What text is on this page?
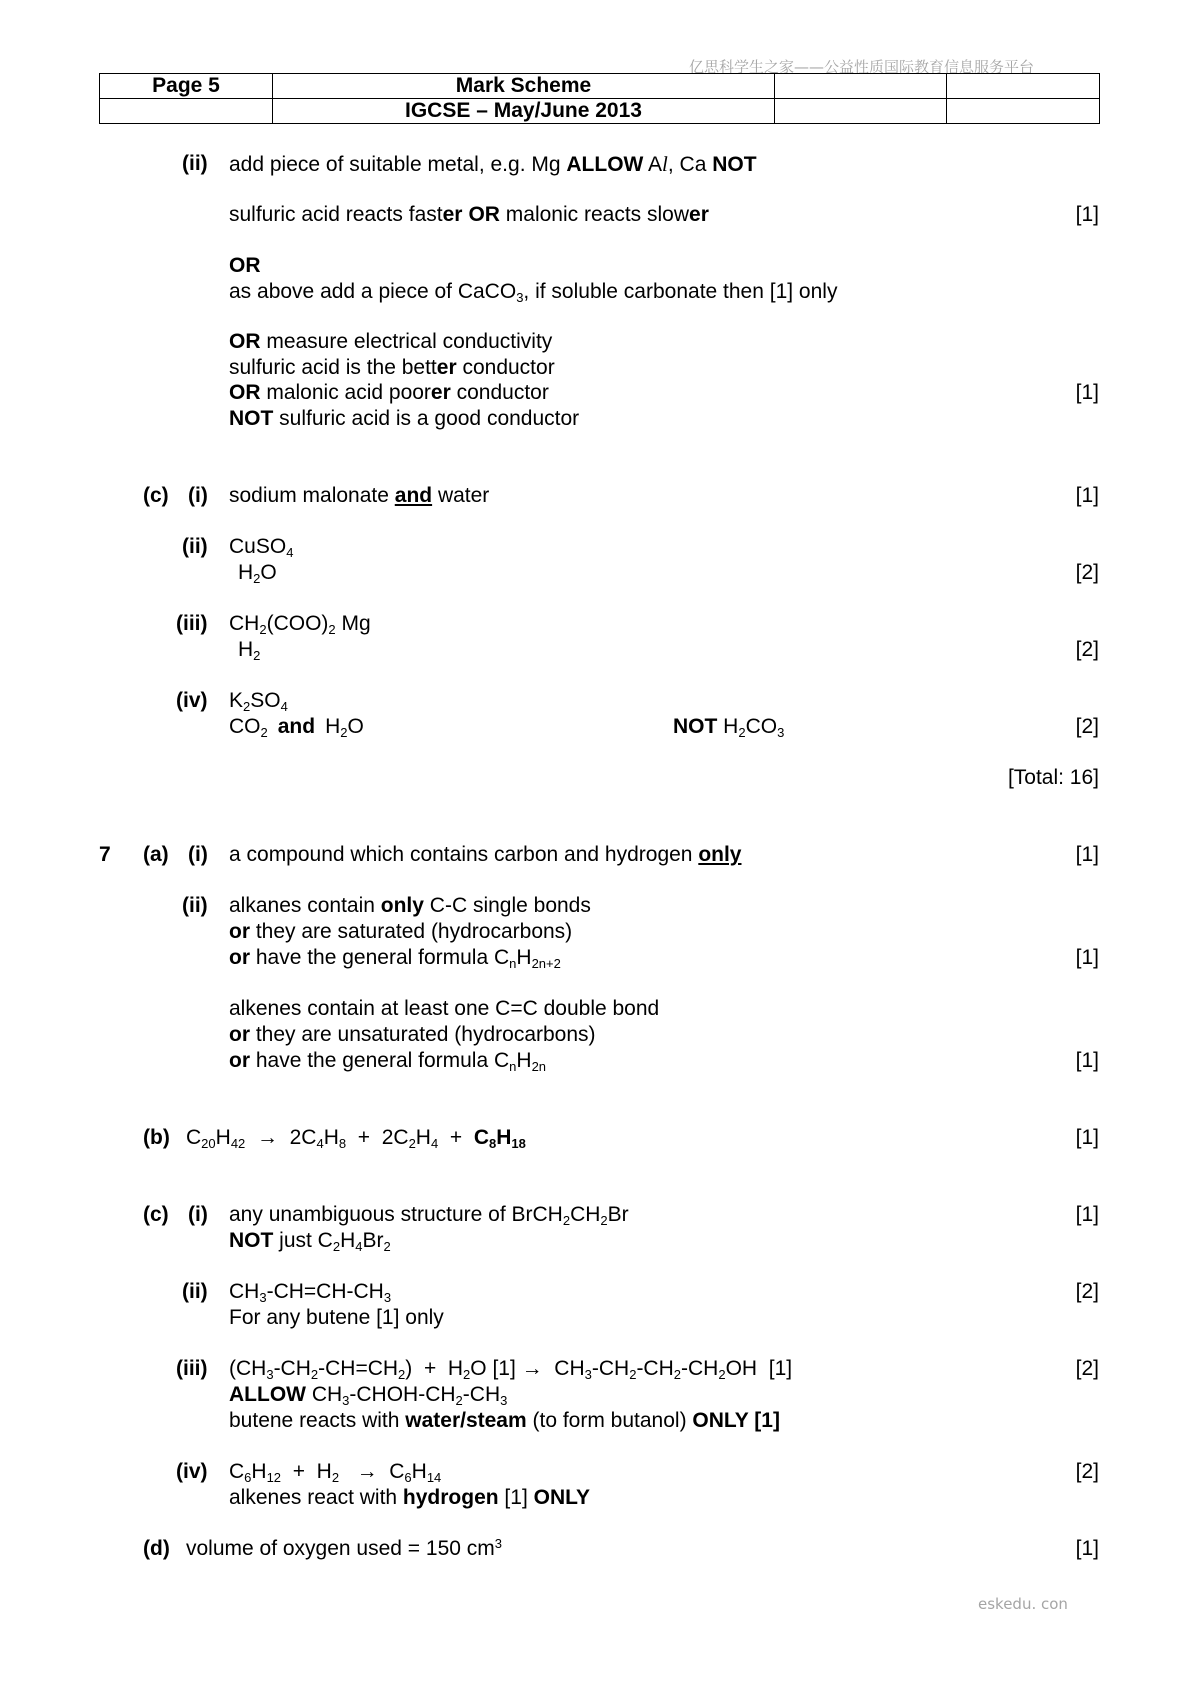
亿思科学生之家——公益性质国际教育信息服务平台
eskedu. con
Page 5	Mark Scheme		
	IGCSE – May/June 2013		
(ii) add piece of suitable metal, e.g. Mg ALLOW Al, Ca NOT
sulfuric acid reacts faster OR malonic reacts slower	[1]
OR
as above add a piece of CaCO$_3$, if soluble carbonate then [1] only
OR measure electrical conductivity
sulfuric acid is the better conductor
OR malonic acid poorer conductor	[1]
NOT sulfuric acid is a good conductor
(c) (i) sodium malonate and water	[1]
(ii) CuSO$_4$
$H_2O$	[2]
(iii) $CH_2(COO)_2$ Mg
$H_2$	[2]
(iv) $K_2SO_4$
$CO_2$ and $H_2O$	NOT $H_2CO_3$	[2]
[Total: 16]
7 (a) (i) a compound which contains carbon and hydrogen only	[1]
(ii) alkanes contain only C-C single bonds
or they are saturated (hydrocarbons)
or have the general formula $C_nH_{2n+2}$	[1]
alkenes contain at least one C=C double bond
or they are unsaturated (hydrocarbons)
or have the general formula $C_nH_{2n}$	[1]
(b) $C_{20}H_{42} \to 2C_4H_8 + 2C_2H_4 + C_8H_{18}$	[1]
(c) (i) any unambiguous structure of $BrCH_2CH_2Br$	[1]
NOT just $C_2H_4Br_2$
(ii) $CH_3-CH=CH-CH_3$	[2]
For any butene [1] only
(iii) $(CH_3-CH_2-CH=CH_2) + H_2O$ $[1] \to CH_3-CH_2-CH_2-CH_2OH$  [1]	[2]
ALLOW $CH_3-CHOH-CH_2-CH_3$
butene reacts with water/steam (to form butanol) ONLY [1]
(iv) $C_6H_{12} + H_2 \to C_6H_{14}$	[2]
alkenes react with hydrogen [1] ONLY
(d) volume of oxygen used = 150 $cm^3$	[1]
